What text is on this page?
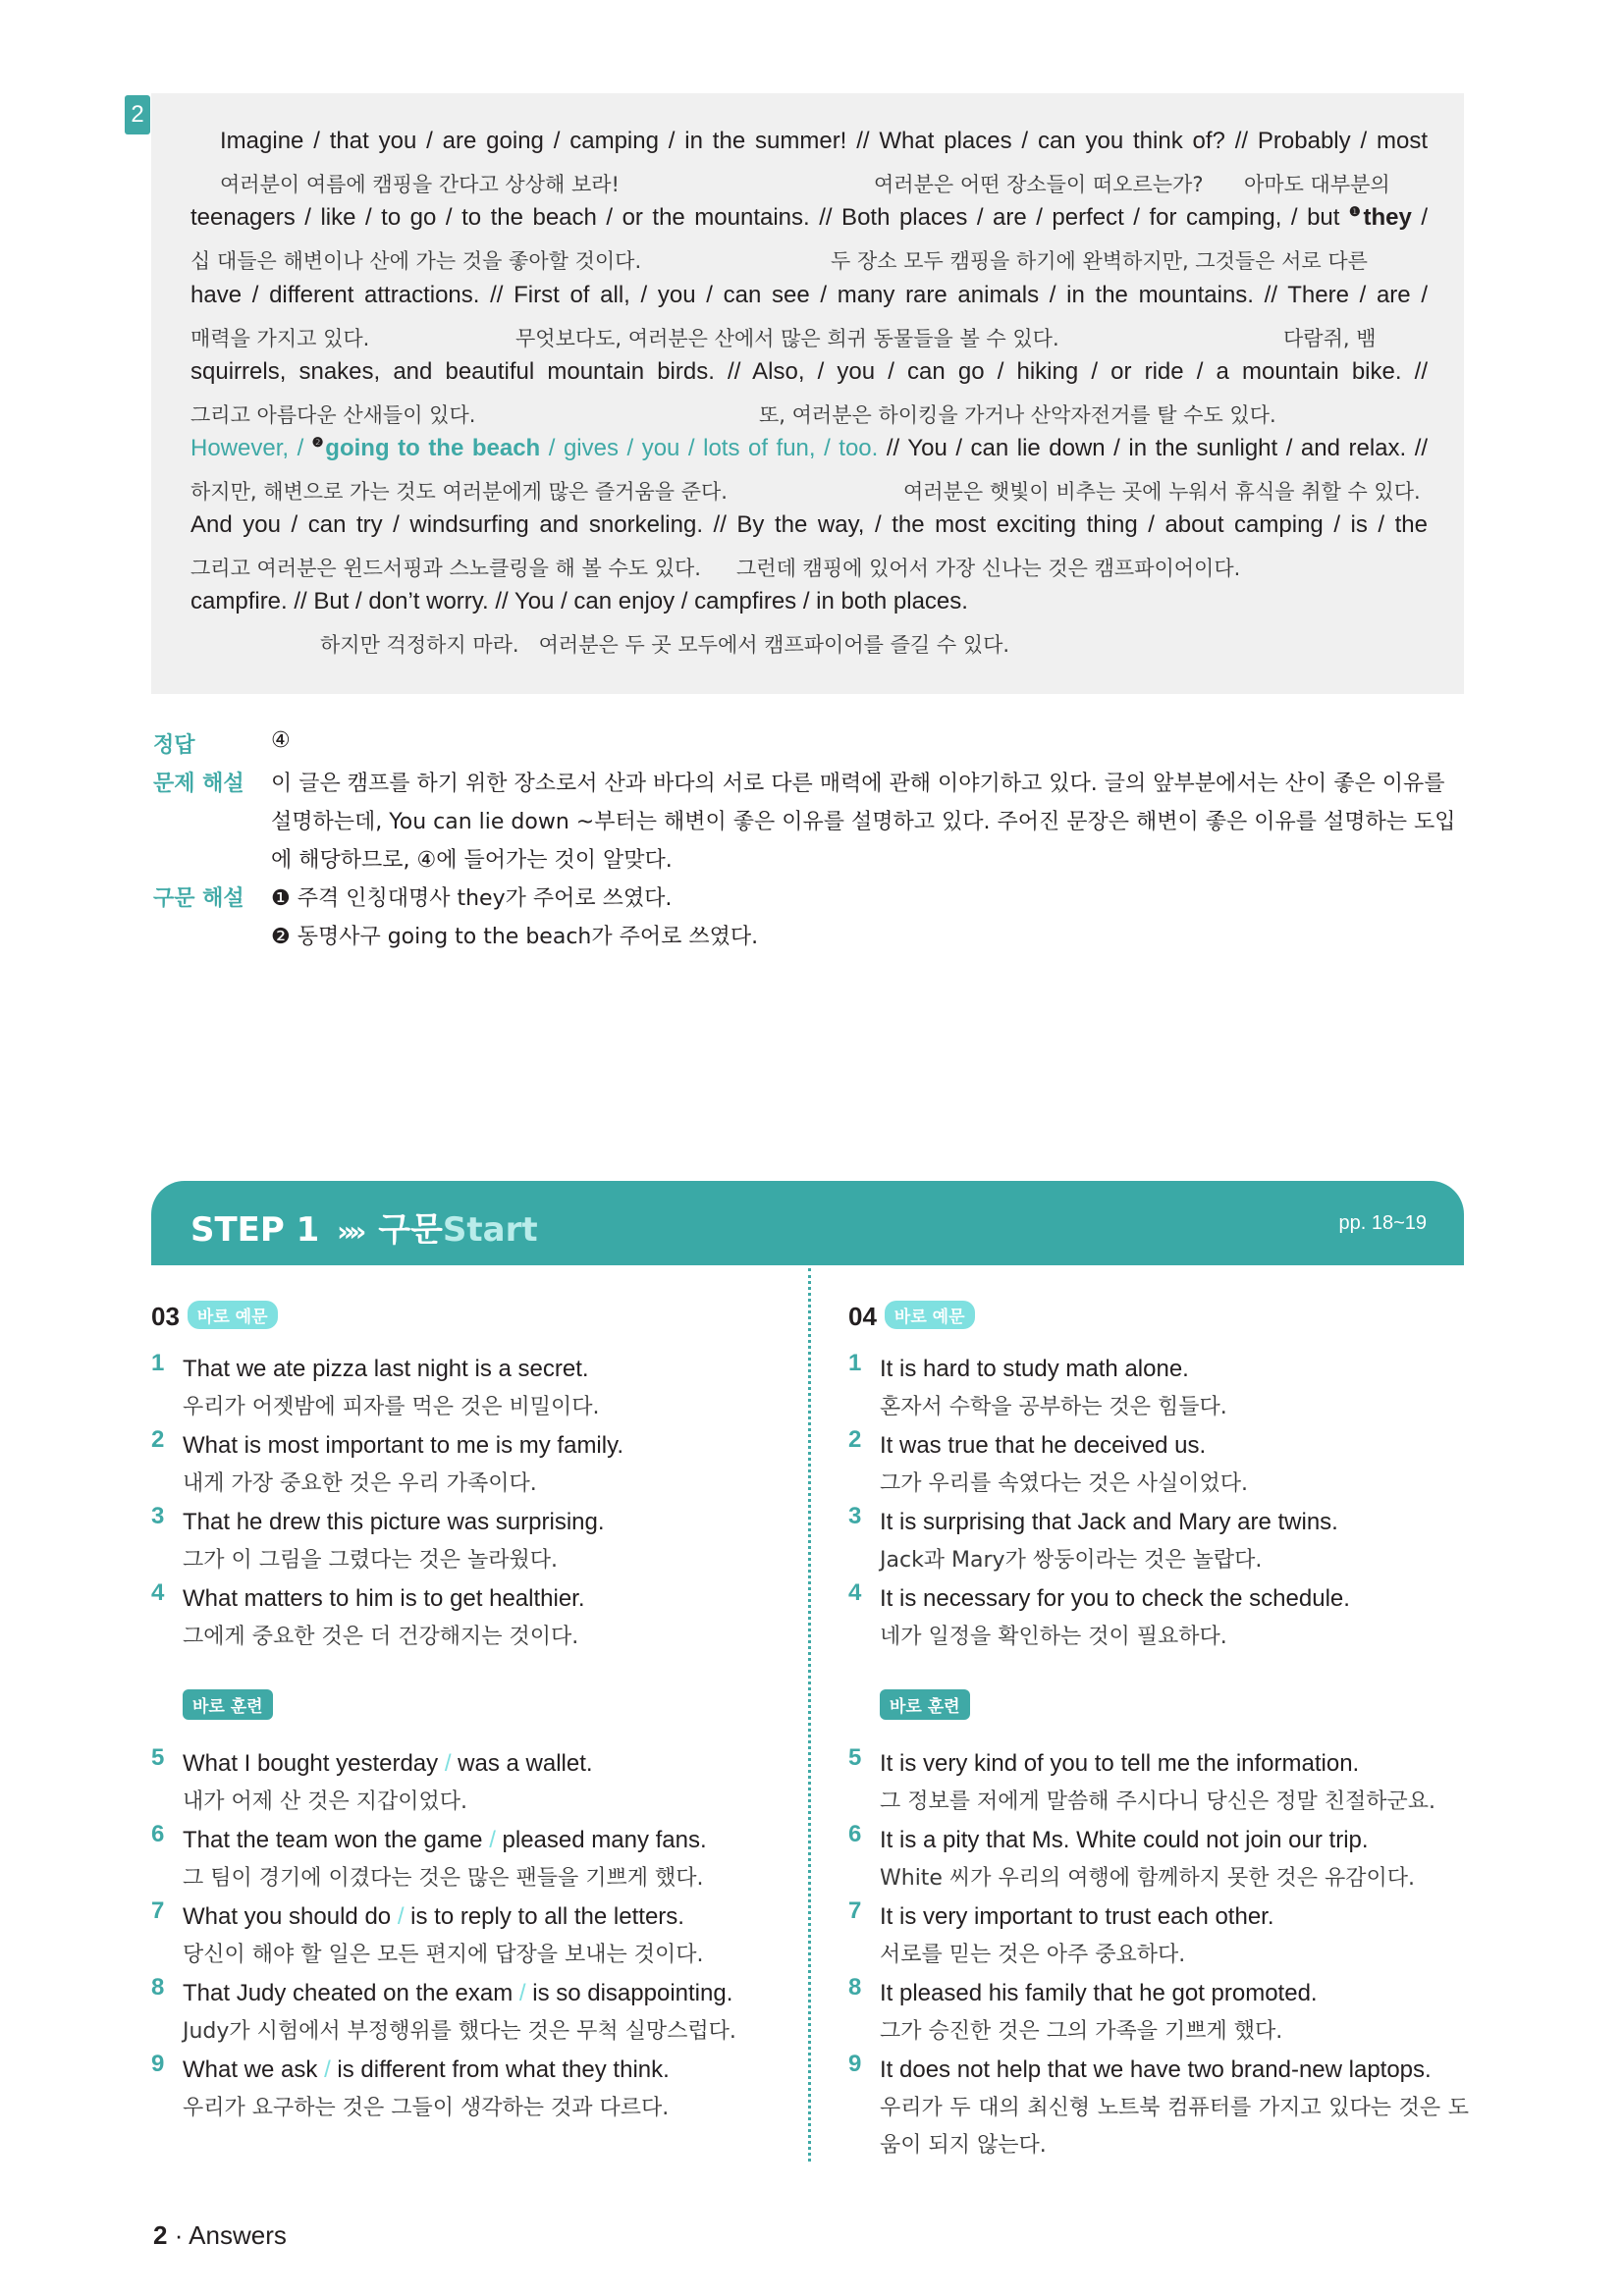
2
Imagine / that you / are going / camping / in the summer! // What places / can you think of? // Probably / most
여러분이 여름에 캠핑을 간다고 상상해 보라!	여러분은 어떤 장소들이 떠오르는가? 아마도 대부분의
teenagers / like / to go / to the beach / or the mountains. // Both places / are / perfect / for camping, / but $^❶$they /
십 대들은 해변이나 산에 가는 것을 좋아할 것이다.	두 장소 모두 캠핑을 하기에 완벽하지만, 그것들은 서로 다른
have / different attractions. // First of all, / you / can see / many rare animals / in the mountains. // There / are /
매력을 가지고 있다.	무엇보다도, 여러분은 산에서 많은 희귀 동물들을 볼 수 있다.	다람쥐, 뱀
squirrels, snakes, and beautiful mountain birds. // Also, / you / can go / hiking / or ride / a mountain bike. //
그리고 아름다운 산새들이 있다.	또, 여러분은 하이킹을 가거나 산악자전거를 탈 수도 있다.
However, / $^❷$going to the beach / gives / you / lots of fun, / too. // You / can lie down / in the sunlight / and relax. //
하지만, 해변으로 가는 것도 여러분에게 많은 즐거움을 준다.	여러분은 햇빛이 비추는 곳에 누워서 휴식을 취할 수 있다.
And you / can try / windsurfing and snorkeling. // By the way, / the most exciting thing / about camping / is / the
그리고 여러분은 윈드서핑과 스노클링을 해 볼 수도 있다. 그런데 캠핑에 있어서 가장 신나는 것은 캠프파이어이다.
campfire. // But / don’t worry. // You / can enjoy / campfires / in both places.
하지만 걱정하지 마라.   여러분은 두 곳 모두에서 캠프파이어를 즐길 수 있다.
정답	④
문제 해설 이 글은 캠프를 하기 위한 장소로서 산과 바다의 서로 다른 매력에 관해 이야기하고 있다. 글의 앞부분에서는 산이 좋은 이유를
설명하는데, You can lie down ~부터는 해변이 좋은 이유를 설명하고 있다. 주어진 문장은 해변이 좋은 이유를 설명하는 도입
에 해당하므로, ④에 들어가는 것이 알맞다.
구문 해설 ❶ 주격 인칭대명사 they가 주어로 쓰였다.
❷ 동명사구 going to the beach가 주어로 쓰였다.
STEP 1 »» 구문Start	pp. 18~19
03 바로 예문
1 That we ate pizza last night is a secret.
우리가 어젯밤에 피자를 먹은 것은 비밀이다.
2 What is most important to me is my family.
내게 가장 중요한 것은 우리 가족이다.
3 That he drew this picture was surprising.
그가 이 그림을 그렸다는 것은 놀라웠다.
4 What matters to him is to get healthier.
그에게 중요한 것은 더 건강해지는 것이다.
바로 훈련
5 What I bought yesterday / was a wallet.
내가 어제 산 것은 지갑이었다.
6 That the team won the game / pleased many fans.
그 팀이 경기에 이겼다는 것은 많은 팬들을 기쁘게 했다.
7 What you should do / is to reply to all the letters.
당신이 해야 할 일은 모든 편지에 답장을 보내는 것이다.
8 That Judy cheated on the exam / is so disappointing.
Judy가 시험에서 부정행위를 했다는 것은 무척 실망스럽다.
9 What we ask / is different from what they think.
우리가 요구하는 것은 그들이 생각하는 것과 다르다.
04 바로 예문
1 It is hard to study math alone.
혼자서 수학을 공부하는 것은 힘들다.
2 It was true that he deceived us.
그가 우리를 속였다는 것은 사실이었다.
3 It is surprising that Jack and Mary are twins.
Jack과 Mary가 쌍둥이라는 것은 놀랍다.
4 It is necessary for you to check the schedule.
네가 일정을 확인하는 것이 필요하다.
바로 훈련
5 It is very kind of you to tell me the information.
그 정보를 저에게 말씀해 주시다니 당신은 정말 친절하군요.
6 It is a pity that Ms. White could not join our trip.
White 씨가 우리의 여행에 함께하지 못한 것은 유감이다.
7 It is very important to trust each other.
서로를 믿는 것은 아주 중요하다.
8 It pleased his family that he got promoted.
그가 승진한 것은 그의 가족을 기쁘게 했다.
9 It does not help that we have two brand-new laptops.
우리가 두 대의 최신형 노트북 컴퓨터를 가지고 있다는 것은 도움이 되지 않는다.
2 · Answers
